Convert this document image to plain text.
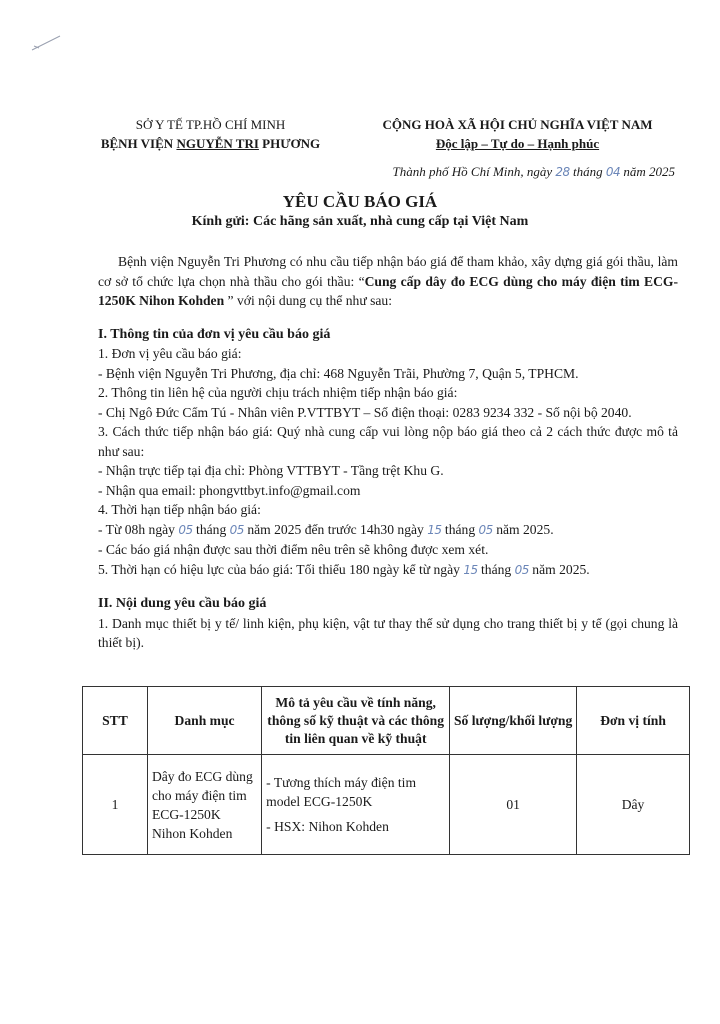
SỞ Y TẾ TP.HỒ CHÍ MINH
BỆNH VIỆN NGUYỄN TRI PHƯƠNG
CỘNG HOÀ XÃ HỘI CHỦ NGHĨA VIỆT NAM
Độc lập – Tự do – Hạnh phúc
Thành phố Hồ Chí Minh, ngày 28 tháng 04 năm 2025
YÊU CẦU BÁO GIÁ
Kính gửi: Các hãng sản xuất, nhà cung cấp tại Việt Nam

Bệnh viện Nguyễn Tri Phương có nhu cầu tiếp nhận báo giá để tham khảo, xây dựng giá gói thầu, làm cơ sở tổ chức lựa chọn nhà thầu cho gói thầu: “Cung cấp dây đo ECG dùng cho máy điện tim ECG-1250K Nihon Kohden ” với nội dung cụ thể như sau:

I. Thông tin của đơn vị yêu cầu báo giá

1. Đơn vị yêu cầu báo giá:

- Bệnh viện Nguyễn Tri Phương, địa chỉ: 468 Nguyễn Trãi, Phường 7, Quận 5, TPHCM.

2. Thông tin liên hệ của người chịu trách nhiệm tiếp nhận báo giá:

- Chị Ngô Đức Cẩm Tú - Nhân viên P.VTTBYT – Số điện thoại: 0283 9234 332 - Số nội bộ 2040.

3. Cách thức tiếp nhận báo giá: Quý nhà cung cấp vui lòng nộp báo giá theo cả 2 cách thức được mô tả như sau:

- Nhận trực tiếp tại địa chỉ: Phòng VTTBYT - Tầng trệt Khu G.

- Nhận qua email: phongvttbyt.info@gmail.com

4. Thời hạn tiếp nhận báo giá:

- Từ 08h ngày 05 tháng 05 năm 2025 đến trước 14h30 ngày 15 tháng 05 năm 2025.

- Các báo giá nhận được sau thời điểm nêu trên sẽ không được xem xét.

5. Thời hạn có hiệu lực của báo giá: Tối thiểu 180 ngày kể từ ngày 15 tháng 05 năm 2025.

II. Nội dung yêu cầu báo giá

1. Danh mục thiết bị y tế/ linh kiện, phụ kiện, vật tư thay thế sử dụng cho trang thiết bị y tế (gọi chung là thiết bị).

STT	Danh mục	Mô tả yêu cầu về tính năng, thông số kỹ thuật và các thông tin liên quan về kỹ thuật	Số lượng/khối lượng	Đơn vị tính
1	Dây đo ECG dùng cho máy điện tim ECG-1250K Nihon Kohden	- Tương thích máy điện tim model ECG-1250K
- HSX: Nihon Kohden	01	Dây
